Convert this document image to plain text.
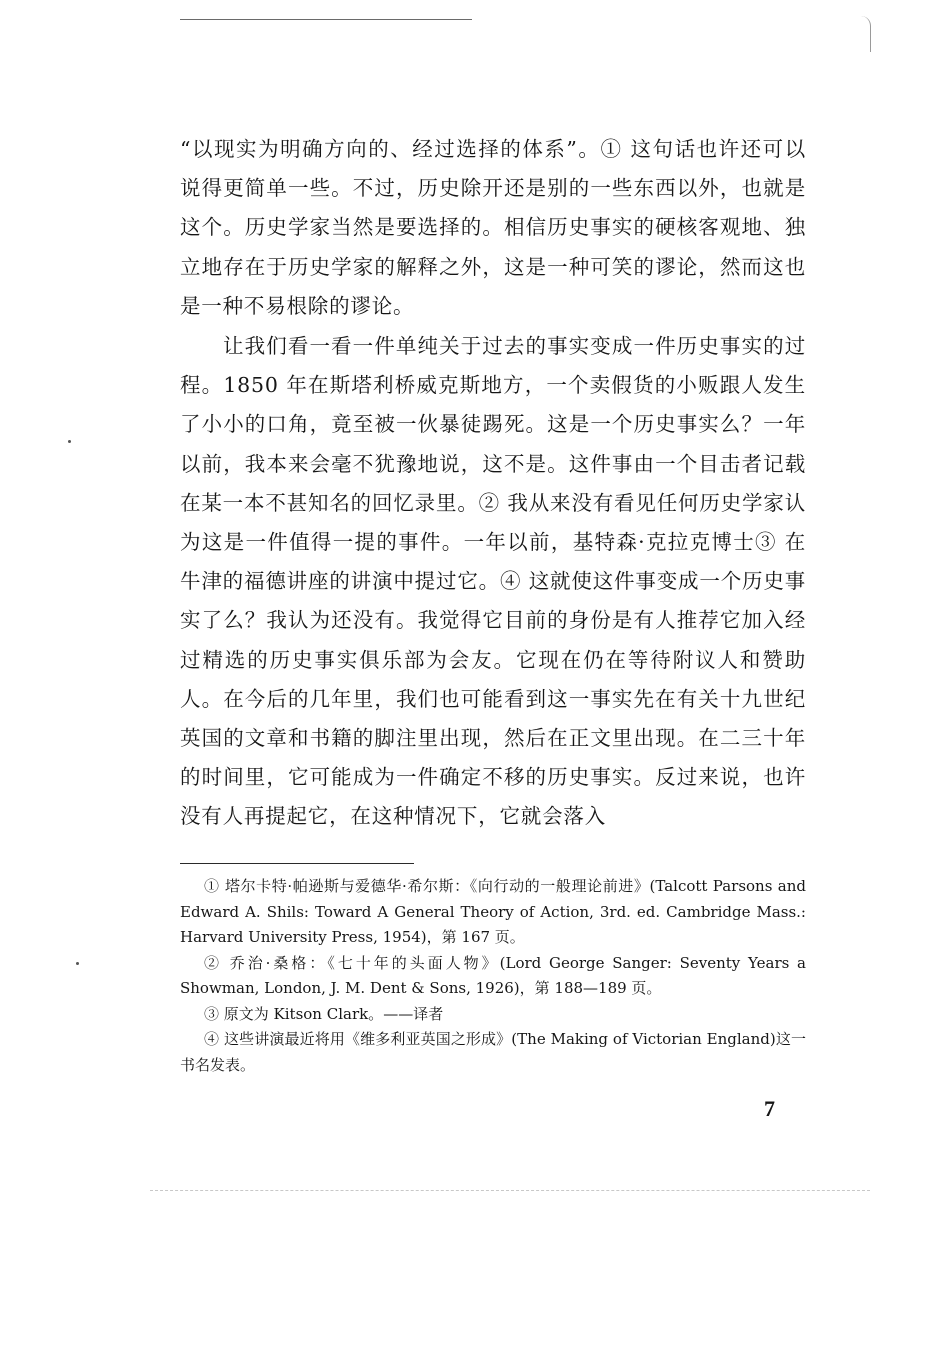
“以现实为明确方向的、经过选择的体系”。① 这句话也许还可以说得更简单一些。不过，历史除开还是别的一些东西以外，也就是这个。历史学家当然是要选择的。相信历史事实的硬核客观地、独立地存在于历史学家的解释之外，这是一种可笑的谬论，然而这也是一种不易根除的谬论。

让我们看一看一件单纯关于过去的事实变成一件历史事实的过程。1850 年在斯塔利桥威克斯地方，一个卖假货的小贩跟人发生了小小的口角，竟至被一伙暴徒踢死。这是一个历史事实么？一年以前，我本来会毫不犹豫地说，这不是。这件事由一个目击者记载在某一本不甚知名的回忆录里。② 我从来没有看见任何历史学家认为这是一件值得一提的事件。一年以前，基特森·克拉克博士③ 在牛津的福德讲座的讲演中提过它。④ 这就使这件事变成一个历史事实了么？我认为还没有。我觉得它目前的身份是有人推荐它加入经过精选的历史事实俱乐部为会友。它现在仍在等待附议人和赞助人。在今后的几年里，我们也可能看到这一事实先在有关十九世纪英国的文章和书籍的脚注里出现，然后在正文里出现。在二三十年的时间里，它可能成为一件确定不移的历史事实。反过来说，也许没有人再提起它，在这种情况下，它就会落入

① 塔尔卡特·帕逊斯与爱德华·希尔斯：《向行动的一般理论前进》(Talcott Parsons and Edward A. Shils: Toward A General Theory of Action, 3rd. ed. Cambridge Mass.: Harvard University Press, 1954)，第 167 页。

② 乔治·桑格：《七十年的头面人物》(Lord George Sanger: Seventy Years a Showman, London, J. M. Dent & Sons, 1926)，第 188—189 页。

③ 原文为 Kitson Clark。——译者

④ 这些讲演最近将用《维多利亚英国之形成》(The Making of Victorian England)这一书名发表。

7
